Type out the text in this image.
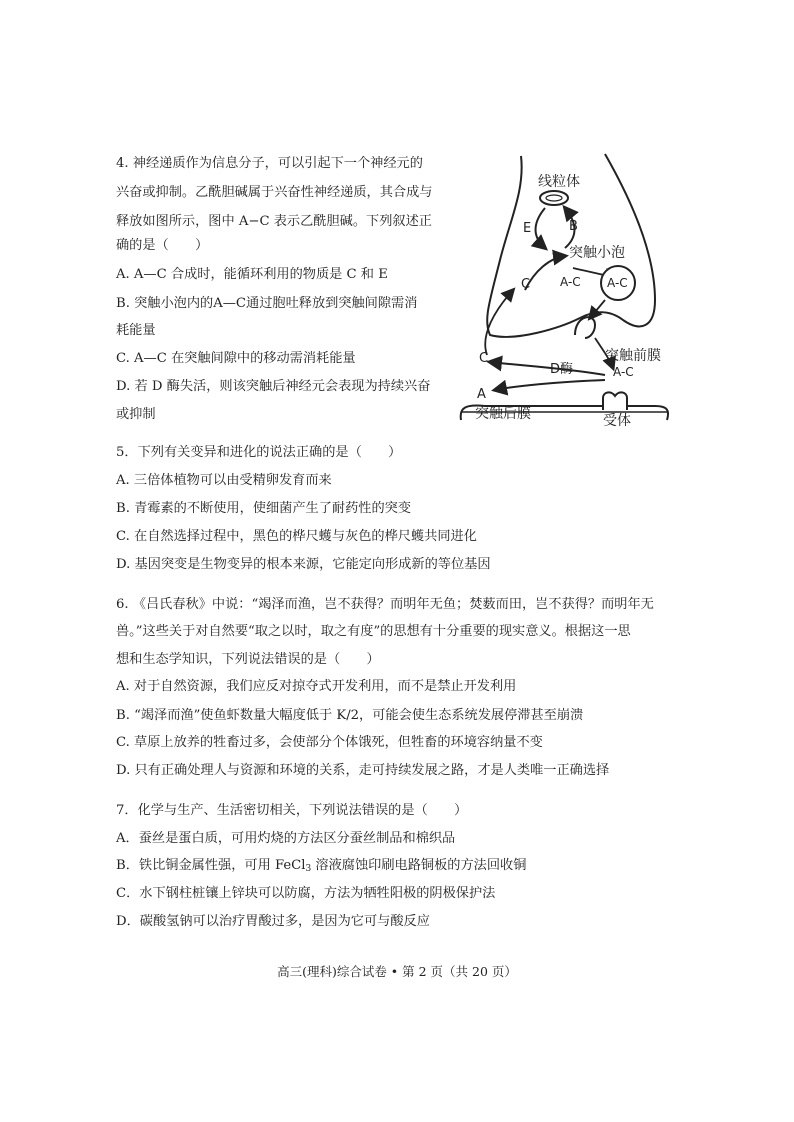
4. 神经递质作为信息分子，可以引起下一个神经元的
兴奋或抑制。乙酰胆碱属于兴奋性神经递质，其合成与
释放如图所示，图中 A−C 表示乙酰胆碱。下列叙述正
确的是（　　）
A. A—C 合成时，能循环利用的物质是 C 和 E
B. 突触小泡内的A—C通过胞吐释放到突触间隙需消
耗能量
C. A—C 在突触间隙中的移动需消耗能量
D. 若 D 酶失活，则该突触后神经元会表现为持续兴奋
或抑制
线粒体
E	B
突触小泡
C A-C A-C
突触前膜
C
D酶	A-C
A
突触后膜	受体
5．下列有关变异和进化的说法正确的是（　　）
A. 三倍体植物可以由受精卵发育而来
B. 青霉素的不断使用，使细菌产生了耐药性的突变
C. 在自然选择过程中，黑色的桦尺蠖与灰色的桦尺蠖共同进化
D. 基因突变是生物变异的根本来源，它能定向形成新的等位基因
6. 《吕氏春秋》中说：“竭泽而渔，岂不获得？而明年无鱼；焚薮而田，岂不获得？而明年无
兽。”这些关于对自然要“取之以时，取之有度”的思想有十分重要的现实意义。根据这一思
想和生态学知识，下列说法错误的是（　　）
A. 对于自然资源，我们应反对掠夺式开发利用，而不是禁止开发利用
B. “竭泽而渔”使鱼虾数量大幅度低于 K/2，可能会使生态系统发展停滞甚至崩溃
C. 草原上放养的牲畜过多，会使部分个体饿死，但牲畜的环境容纳量不变
D. 只有正确处理人与资源和环境的关系，走可持续发展之路，才是人类唯一正确选择
7．化学与生产、生活密切相关，下列说法错误的是（　　）
A．蚕丝是蛋白质，可用灼烧的方法区分蚕丝制品和棉织品
B．铁比铜金属性强，可用 FeCl$_3$ 溶液腐蚀印刷电路铜板的方法回收铜
C．水下钢柱桩镶上锌块可以防腐，方法为牺牲阳极的阴极保护法
D．碳酸氢钠可以治疗胃酸过多，是因为它可与酸反应
高三(理科)综合试卷 • 第 2 页（共 20 页）
